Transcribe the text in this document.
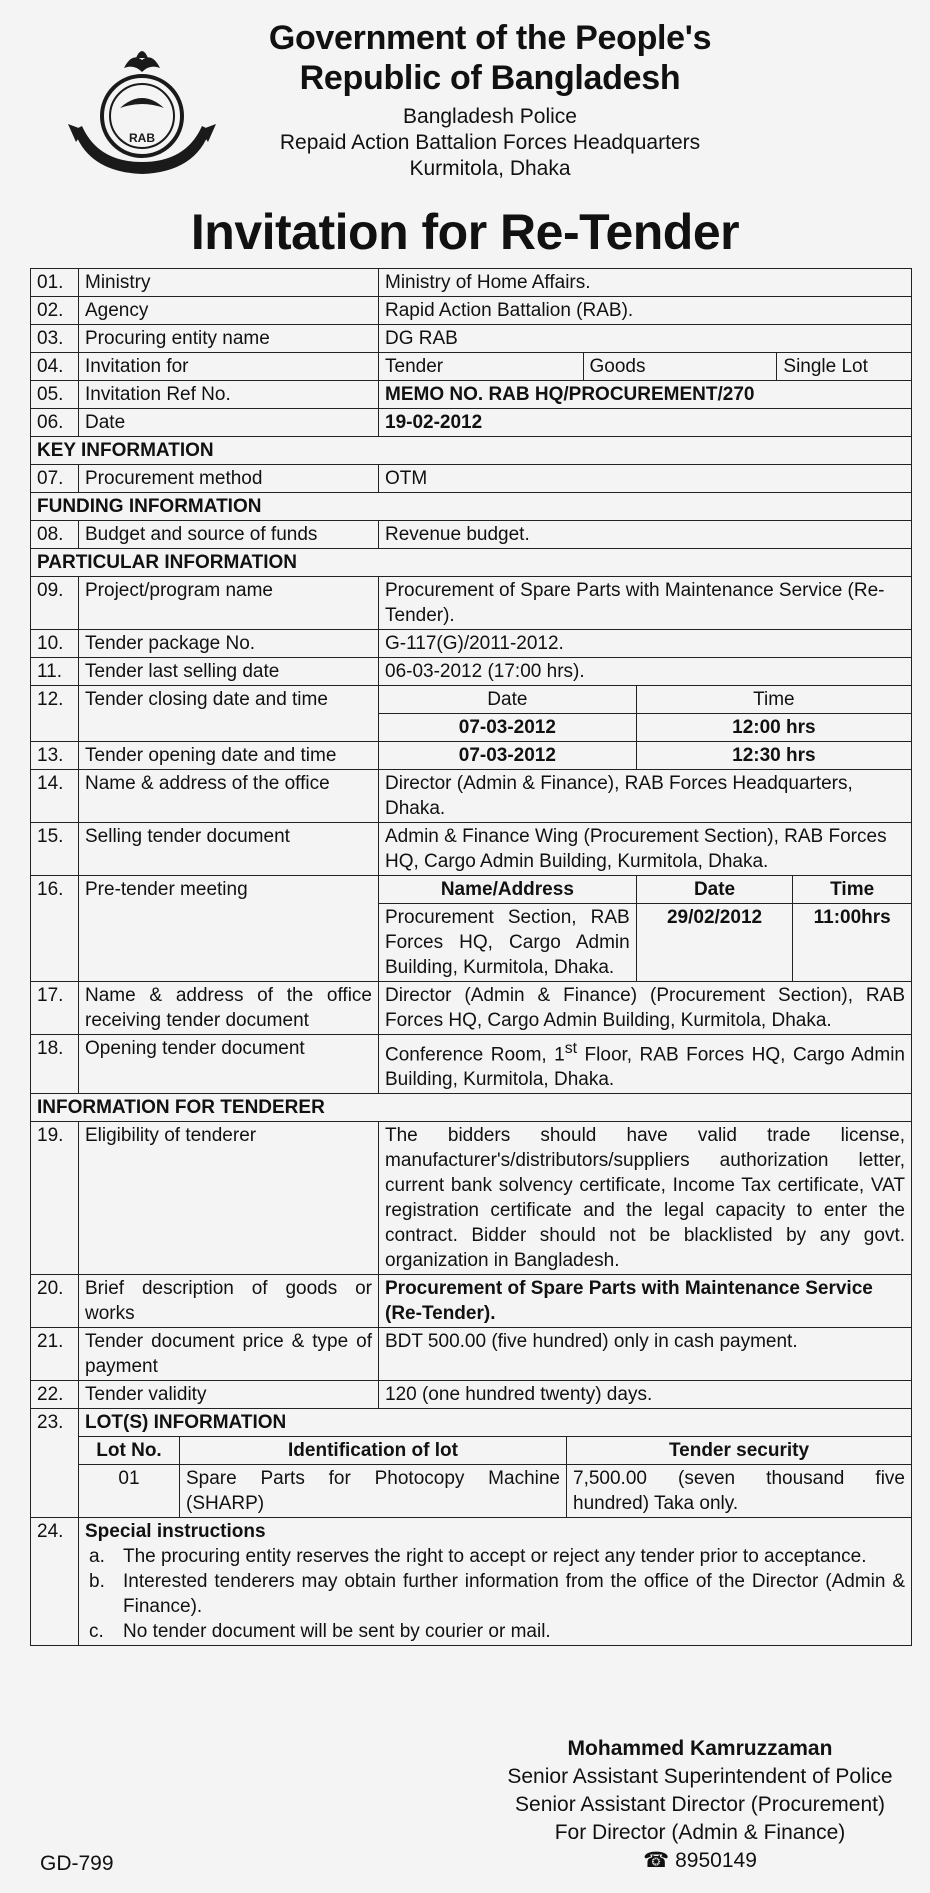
RAB
Government of the People's
Republic of Bangladesh
Bangladesh Police
Repaid Action Battalion Forces Headquarters
Kurmitola, Dhaka
Invitation for Re-Tender
01.	Ministry	Ministry of Home Affairs.
02.	Agency	Rapid Action Battalion (RAB).
03.	Procuring entity name	DG RAB
04.	Invitation for		Tender	Goods	Single Lot

05.	Invitation Ref No.	MEMO NO. RAB HQ/PROCUREMENT/270
06.	Date	19-02-2012
KEY INFORMATION
07.	Procurement method	OTM
FUNDING INFORMATION
08.	Budget and source of funds	Revenue budget.
PARTICULAR INFORMATION
09.	Project/program name	Procurement of Spare Parts with Maintenance Service (Re-Tender).
10.	Tender package No.	G-117(G)/2011-2012.
11.	Tender last selling date	06-03-2012 (17:00 hrs).
12.	Tender closing date and time		Date	Time
07-03-2012	12:00 hrs

13.	Tender opening date and time		07-03-2012	12:30 hrs

14.	Name & address of the office	Director (Admin & Finance), RAB Forces Headquarters, Dhaka.
15.	Selling tender document	Admin & Finance Wing (Procurement Section), RAB Forces HQ, Cargo Admin Building, Kurmitola, Dhaka.
16.	Pre-tender meeting		Name/Address	Date	Time
Procurement Section, RAB Forces HQ, Cargo Admin Building, Kurmitola, Dhaka.	29/02/2012	11:00hrs

17.	Name & address of the office receiving tender document	Director (Admin & Finance) (Procurement Section), RAB Forces HQ, Cargo Admin Building, Kurmitola, Dhaka.
18.	Opening tender document	Conference Room, 1st Floor, RAB Forces HQ, Cargo Admin Building, Kurmitola, Dhaka.
INFORMATION FOR TENDERER
19.	Eligibility of tenderer	The bidders should have valid trade license, manufacturer's/distributors/suppliers authorization letter, current bank solvency certificate, Income Tax certificate, VAT registration certificate and the legal capacity to enter the contract. Bidder should not be blacklisted by any govt. organization in Bangladesh.
20.	Brief description of goods or works	Procurement of Spare Parts with Maintenance Service (Re-Tender).
21.	Tender document price & type of payment	BDT 500.00 (five hundred) only in cash payment.
22.	Tender validity	120 (one hundred twenty) days.
23.	LOT(S) INFORMATION
Lot No.	Identification of lot	Tender security
01	Spare Parts for Photocopy Machine (SHARP)	7,500.00 (seven thousand five hundred) Taka only.

24.	Special instructions
a. The procuring entity reserves the right to accept or reject any tender prior to acceptance.
b. Interested tenderers may obtain further information from the office of the Director (Admin & Finance).
c.	No tender document will be sent by courier or mail.
Mohammed Kamruzzaman
Senior Assistant Superintendent of Police
Senior Assistant Director (Procurement)
For Director (Admin & Finance)
☎ 8950149
GD-799
